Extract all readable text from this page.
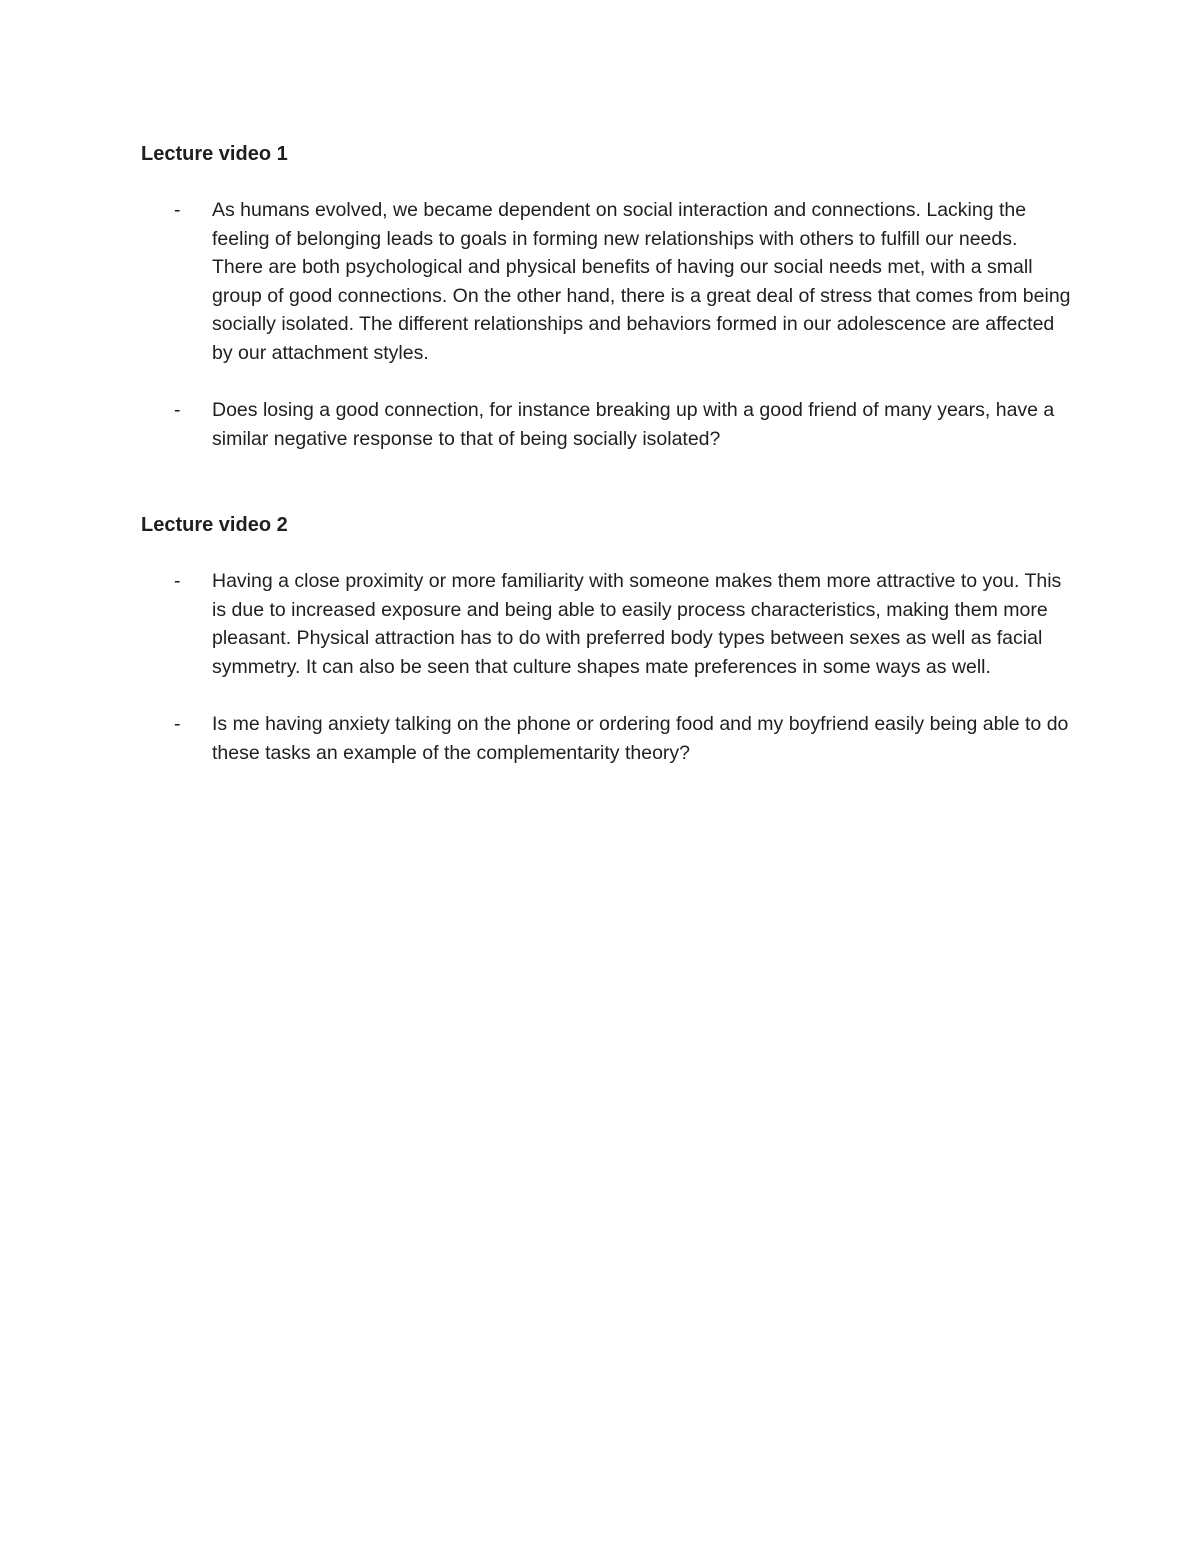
Lecture video 1

- As humans evolved, we became dependent on social interaction and connections. Lacking the feeling of belonging leads to goals in forming new relationships with others to fulfill our needs. There are both psychological and physical benefits of having our social needs met, with a small group of good connections. On the other hand, there is a great deal of stress that comes from being socially isolated. The different relationships and behaviors formed in our adolescence are affected by our attachment styles.
- Does losing a good connection, for instance breaking up with a good friend of many years, have a similar negative response to that of being socially isolated?

Lecture video 2

- Having a close proximity or more familiarity with someone makes them more attractive to you. This is due to increased exposure and being able to easily process characteristics, making them more pleasant. Physical attraction has to do with preferred body types between sexes as well as facial symmetry. It can also be seen that culture shapes mate preferences in some ways as well.
- Is me having anxiety talking on the phone or ordering food and my boyfriend easily being able to do these tasks an example of the complementarity theory?
